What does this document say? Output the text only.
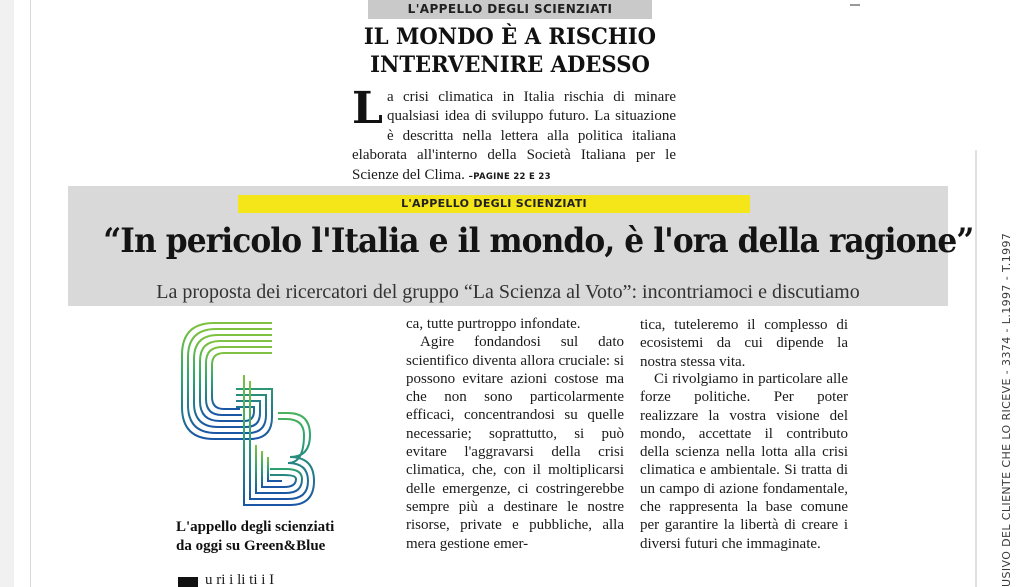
L'APPELLO DEGLI SCIENZIATI
IL MONDO È A RISCHIO
INTERVENIRE ADESSO
L a crisi climatica in Italia rischia di minare qualsiasi idea di sviluppo futuro. La situazione è descritta nella lettera alla politica italiana elaborata all'interno della Società Italiana per le Scienze del Clima. –PAGINE 22 E 23
L'APPELLO DEGLI SCIENZIATI
“In pericolo l'Italia e il mondo, è l'ora della ragione”
La proposta dei ricercatori del gruppo “La Scienza al Voto”: incontriamoci e discutiamo
L'appello degli scienziati
da oggi su Green&Blue

ca, tutte purtroppo infondate.

Agire fondandosi sul dato scientifico diventa allora cruciale: si possono evitare azioni costose ma che non sono particolarmente efficaci, concentrandosi su quelle necessarie; soprattutto, si può evitare l'aggravarsi della crisi climatica, che, con il moltiplicarsi delle emergenze, ci costringerebbe sempre più a destinare le nostre risorse, private e pubbliche, alla mera gestione emer-

tica, tuteleremo il complesso di ecosistemi da cui dipende la nostra stessa vita.

Ci rivolgiamo in particolare alle forze politiche. Per poter realizzare la vostra visione del mondo, accettate il contributo della scienza nella lotta alla crisi climatica e ambientale. Si tratta di un campo di azione fondamentale, che rappresenta la base comune per garantire la libertà di creare i diversi futuri che immaginate.

u ri i li ti i I	USIVO DEL CLIENTE CHE LO RICEVE - 3374 - L.1997 - T.1997
